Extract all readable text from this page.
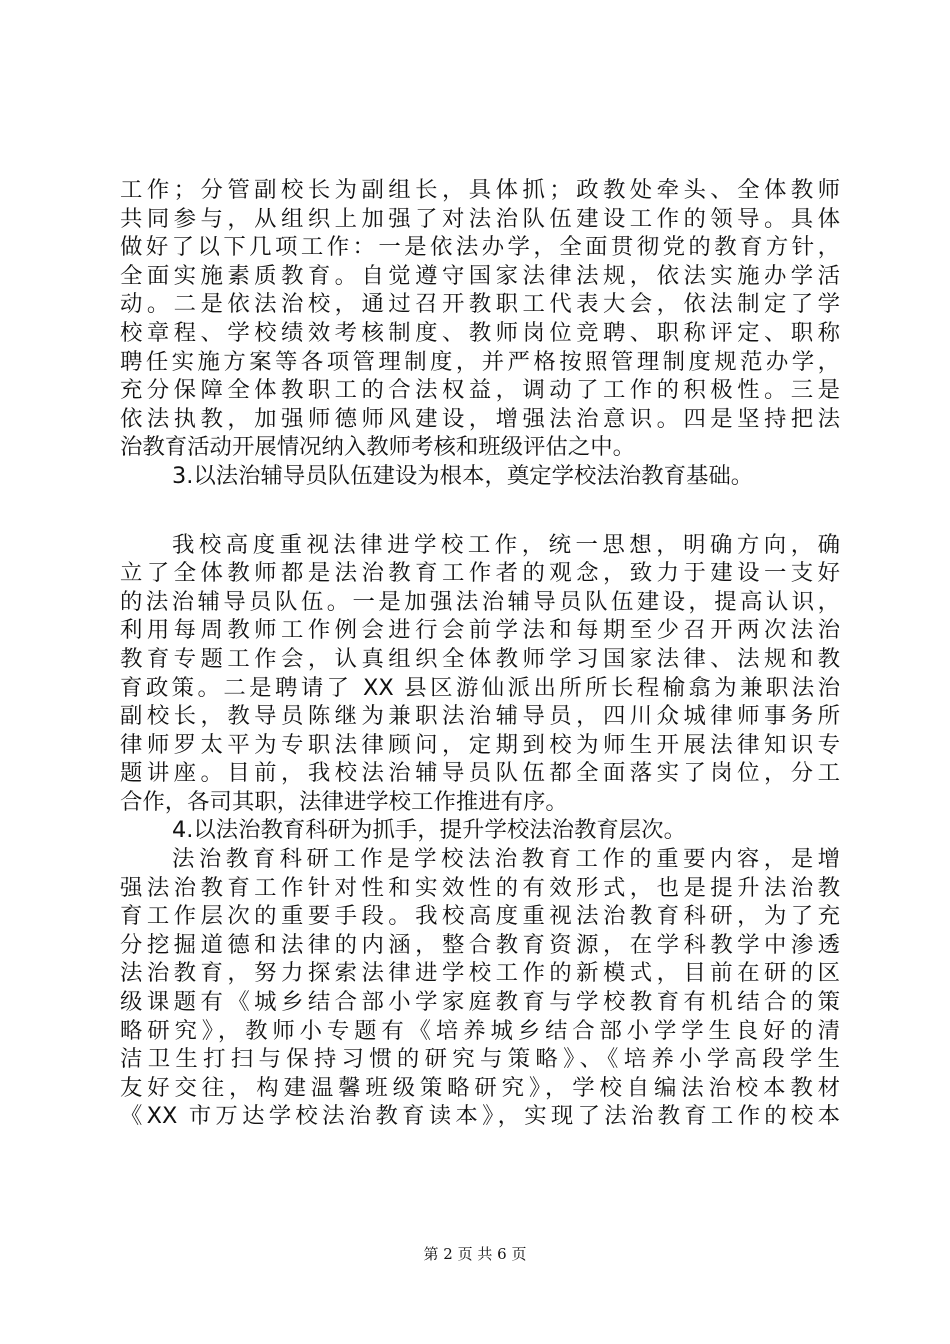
工作；分管副校长为副组长，具体抓；政教处牵头、全体教师
共同参与，从组织上加强了对法治队伍建设工作的领导。具体
做好了以下几项工作：一是依法办学，全面贯彻党的教育方针，
全面实施素质教育。自觉遵守国家法律法规，依法实施办学活
动。二是依法治校，通过召开教职工代表大会，依法制定了学
校章程、学校绩效考核制度、教师岗位竞聘、职称评定、职称
聘任实施方案等各项管理制度，并严格按照管理制度规范办学，
充分保障全体教职工的合法权益，调动了工作的积极性。三是
依法执教，加强师德师风建设，增强法治意识。四是坚持把法
治教育活动开展情况纳入教师考核和班级评估之中。
3.以法治辅导员队伍建设为根本，奠定学校法治教育基础。
我校高度重视法律进学校工作，统一思想，明确方向，确
立了全体教师都是法治教育工作者的观念，致力于建设一支好
的法治辅导员队伍。一是加强法治辅导员队伍建设，提高认识，
利用每周教师工作例会进行会前学法和每期至少召开两次法治
教育专题工作会，认真组织全体教师学习国家法律、法规和教
育政策。二是聘请了 XX 县区游仙派出所所长程榆翕为兼职法治
副校长，教导员陈继为兼职法治辅导员，四川众城律师事务所
律师罗太平为专职法律顾问，定期到校为师生开展法律知识专
题讲座。目前，我校法治辅导员队伍都全面落实了岗位，分工
合作，各司其职，法律进学校工作推进有序。
4.以法治教育科研为抓手，提升学校法治教育层次。
法治教育科研工作是学校法治教育工作的重要内容，是增
强法治教育工作针对性和实效性的有效形式，也是提升法治教
育工作层次的重要手段。我校高度重视法治教育科研，为了充
分挖掘道德和法律的内涵，整合教育资源，在学科教学中渗透
法治教育，努力探索法律进学校工作的新模式，目前在研的区
级课题有《城乡结合部小学家庭教育与学校教育有机结合的策
略研究》，教师小专题有《培养城乡结合部小学学生良好的清
洁卫生打扫与保持习惯的研究与策略》、《培养小学高段学生
友好交往，构建温馨班级策略研究》，学校自编法治校本教材
《XX 市万达学校法治教育读本》，实现了法治教育工作的校本
第 2 页 共 6 页
